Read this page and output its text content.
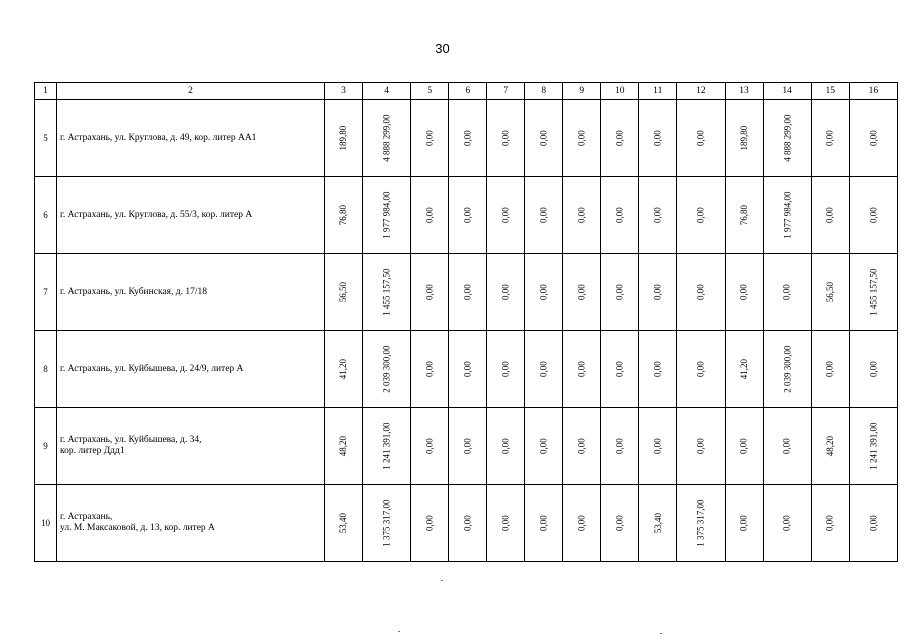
30
1	2	3	4	5	6	7	8	9	10	11	12	13	14	15	16
5	г. Астрахань, ул. Круглова, д. 49, кор. литер АА1	189,80	4 888 299,00	0,00	0,00	0,00	0,00	0,00	0,00	0,00	0,00	189,80	4 888 299,00	0,00	0,00
6	г. Астрахань, ул. Круглова, д. 55/3, кор. литер А	76,80	1 977 984,00	0,00	0,00	0,00	0,00	0,00	0,00	0,00	0,00	76,80	1 977 984,00	0,00	0,00
7	г. Астрахань, ул. Кубинская, д. 17/18	56,50	1 455 157,50	0,00	0,00	0,00	0,00	0,00	0,00	0,00	0,00	0,00	0,00	56,50	1 455 157,50
8	г. Астрахань, ул. Куйбышева, д. 24/9, литер А	41,20	2 039 300,00	0,00	0,00	0,00	0,00	0,00	0,00	0,00	0,00	41,20	2 039 300,00	0,00	0,00
9	г. Астрахань, ул. Куйбышева, д. 34,
кор. литер Ддд1	48,20	1 241 391,00	0,00	0,00	0,00	0,00	0,00	0,00	0,00	0,00	0,00	0,00	48,20	1 241 391,00
10	г. Астрахань,
ул. М. Максаковой, д. 13, кор. литер А	53,40	1 375 317,00	0,00	0,00	0,00	0,00	0,00	0,00	53,40	1 375 317,00	0,00	0,00	0,00	0,00
